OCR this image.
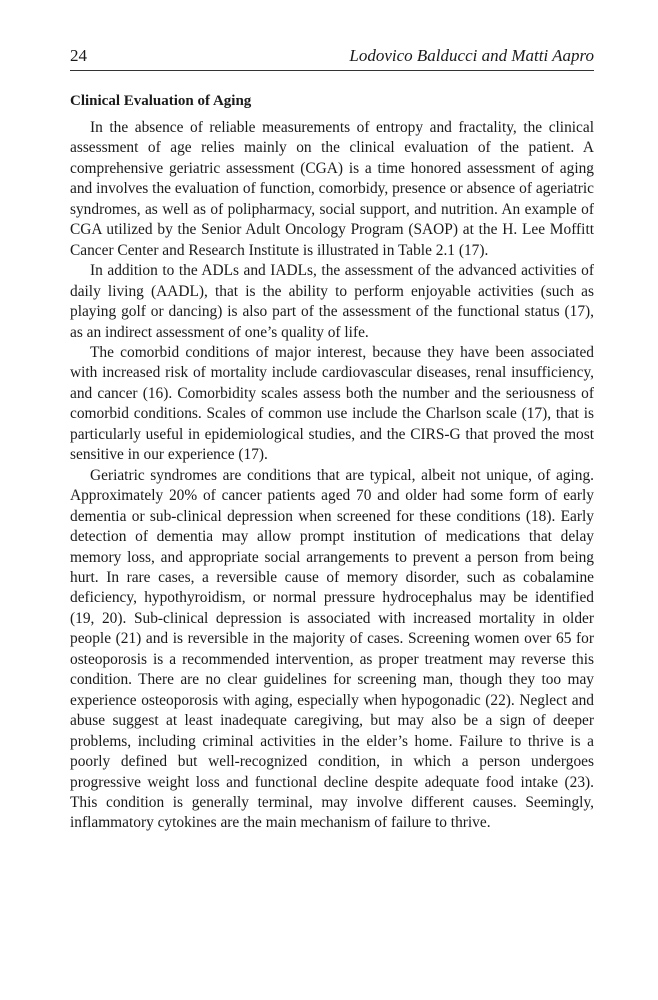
24	Lodovico Balducci and Matti Aapro
Clinical Evaluation of Aging

In the absence of reliable measurements of entropy and fractality, the clinical assessment of age relies mainly on the clinical evaluation of the patient. A comprehensive geriatric assessment (CGA) is a time honored assessment of aging and involves the evaluation of function, comorbidy, presence or absence of ageriatric syndromes, as well as of polipharmacy, social support, and nutrition. An example of CGA utilized by the Senior Adult Oncology Program (SAOP) at the H. Lee Moffitt Cancer Center and Research Institute is illustrated in Table 2.1 (17).

In addition to the ADLs and IADLs, the assessment of the advanced activities of daily living (AADL), that is the ability to perform enjoyable activities (such as playing golf or dancing) is also part of the assessment of the functional status (17), as an indirect assessment of one’s quality of life.

The comorbid conditions of major interest, because they have been associated with increased risk of mortality include cardiovascular diseases, renal insufficiency, and cancer (16). Comorbidity scales assess both the number and the seriousness of comorbid conditions. Scales of common use include the Charlson scale (17), that is particularly useful in epidemiological studies, and the CIRS-G that proved the most sensitive in our experience (17).

Geriatric syndromes are conditions that are typical, albeit not unique, of aging. Approximately 20% of cancer patients aged 70 and older had some form of early dementia or sub-clinical depression when screened for these conditions (18). Early detection of dementia may allow prompt institution of medications that delay memory loss, and appropriate social arrangements to prevent a person from being hurt. In rare cases, a reversible cause of memory disorder, such as cobalamine deficiency, hypothyroidism, or normal pressure hydrocephalus may be identified (19, 20). Sub-clinical depression is associated with increased mortality in older people (21) and is reversible in the majority of cases. Screening women over 65 for osteoporosis is a recommended intervention, as proper treatment may reverse this condition. There are no clear guidelines for screening man, though they too may experience osteoporosis with aging, especially when hypogonadic (22). Neglect and abuse suggest at least inadequate caregiving, but may also be a sign of deeper problems, including criminal activities in the elder’s home. Failure to thrive is a poorly defined but well-recognized condition, in which a person undergoes progressive weight loss and functional decline despite adequate food intake (23). This condition is generally terminal, may involve different causes. Seemingly, inflammatory cytokines are the main mechanism of failure to thrive.
